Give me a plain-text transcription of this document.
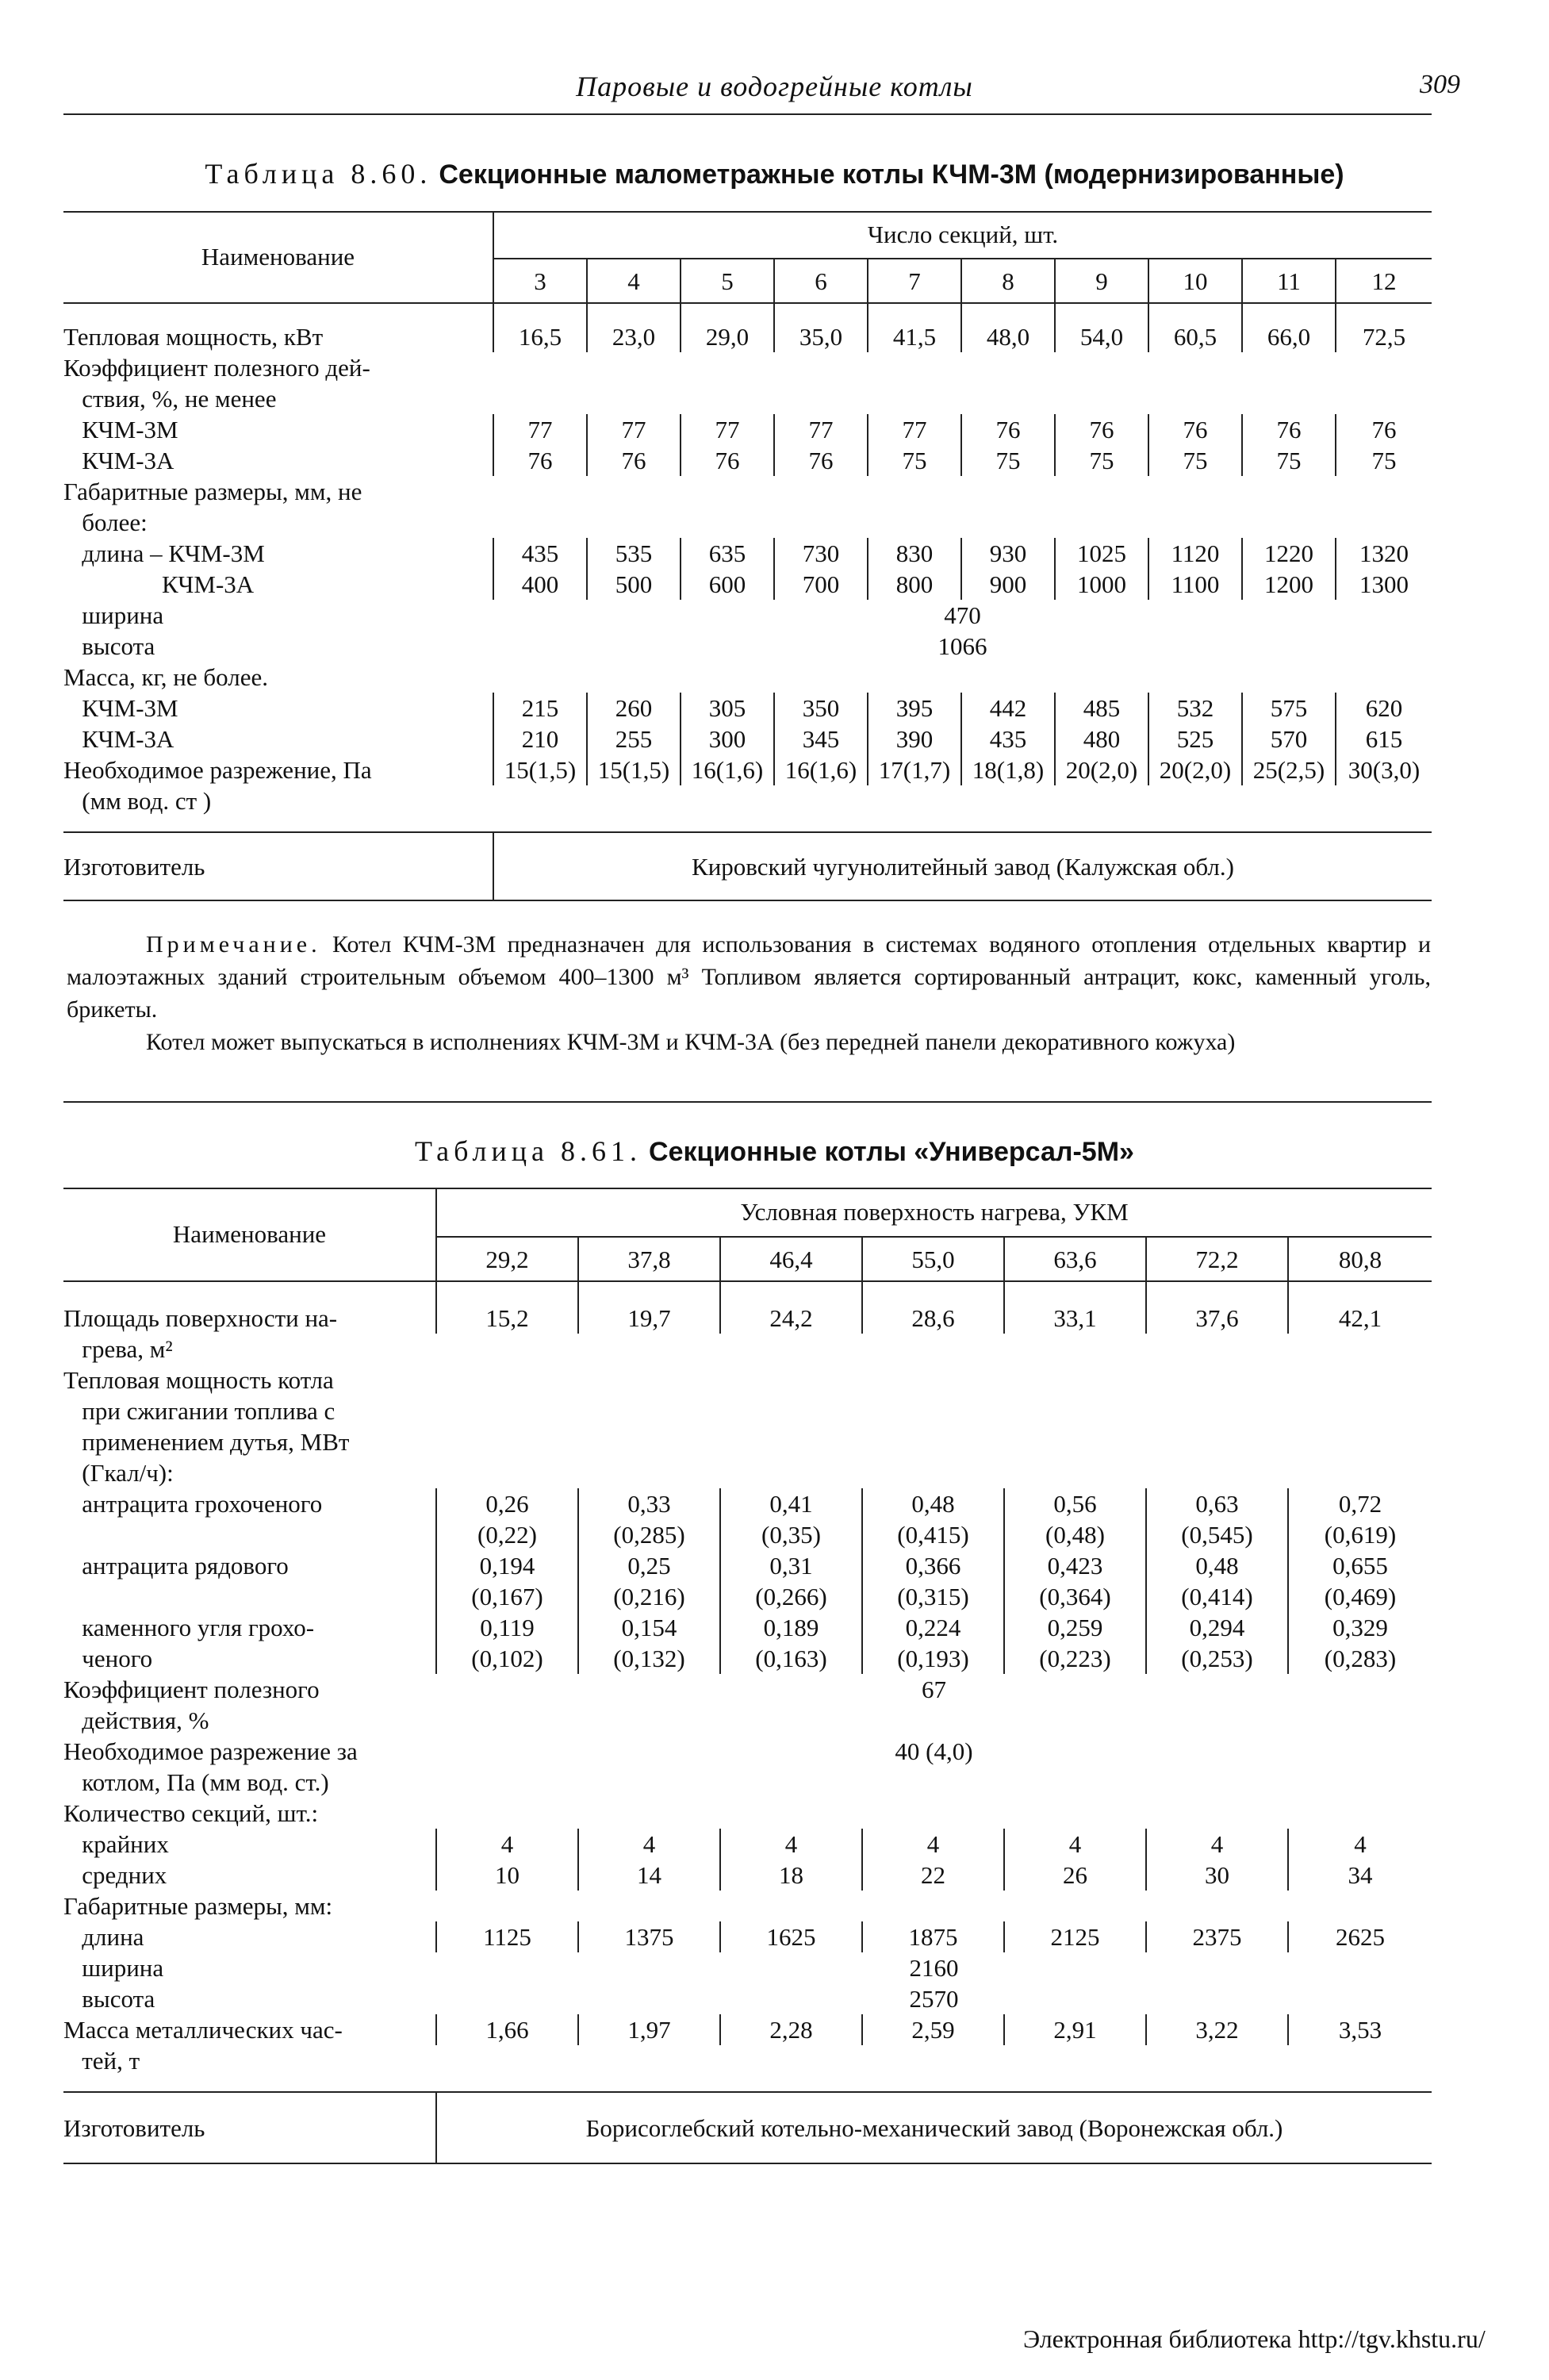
Паровые и водогрейные котлы	309
Таблица 8.60. Секционные малометражные котлы КЧМ-3М (модернизированные)
Наименование	Число секций, шт.									
	3	4	5	6	7	8	9	10	11	12
Тепловая мощность, кВт	16,5	23,0	29,0	35,0	41,5	48,0	54,0	60,5	66,0	72,5
Коэффициент полезного дей-										
ствия, %, не менее										
КЧМ-3М	77	77	77	77	77	76	76	76	76	76
КЧМ-3А	76	76	76	76	75	75	75	75	75	75
Габаритные размеры, мм, не										
более:										
длина – КЧМ-3М	435	535	635	730	830	930	1025	1120	1220	1320
КЧМ-3А	400	500	600	700	800	900	1000	1100	1200	1300
ширина	470									
высота	1066									
Масса, кг, не более.										
КЧМ-3М	215	260	305	350	395	442	485	532	575	620
КЧМ-3А	210	255	300	345	390	435	480	525	570	615
Необходимое разрежение, Па	15(1,5)	15(1,5)	16(1,6)	16(1,6)	17(1,7)	18(1,8)	20(2,0)	20(2,0)	25(2,5)	30(3,0)
(мм вод. ст )										

Изготовитель	Кировский чугунолитейный завод (Калужская обл.)									

Примечание. Котел КЧМ-3М предназначен для использования в системах водяного отопления отдельных квартир и малоэтажных зданий строительным объемом 400–1300 м³ Топливом является сортированный антрацит, кокс, каменный уголь, брикеты.

Котел может выпускаться в исполнениях КЧМ-3М и КЧМ-3А (без передней панели декоративного кожуха)

Таблица 8.61. Секционные котлы «Универсал-5М»
Наименование	Условная поверхность нагрева, УКМ						
	29,2	37,8	46,4	55,0	63,6	72,2	80,8
Площадь поверхности на-	15,2	19,7	24,2	28,6	33,1	37,6	42,1
грева, м²							
Тепловая мощность котла							
при сжигании топлива с							
применением дутья, МВт							
(Гкал/ч):							
антрацита грохоченого	0,26	0,33	0,41	0,48	0,56	0,63	0,72
	(0,22)	(0,285)	(0,35)	(0,415)	(0,48)	(0,545)	(0,619)
антрацита рядового	0,194	0,25	0,31	0,366	0,423	0,48	0,655
	(0,167)	(0,216)	(0,266)	(0,315)	(0,364)	(0,414)	(0,469)
каменного угля грохо-	0,119	0,154	0,189	0,224	0,259	0,294	0,329
ченого	(0,102)	(0,132)	(0,163)	(0,193)	(0,223)	(0,253)	(0,283)
Коэффициент полезного	67						
действия, %							
Необходимое разрежение за	40 (4,0)						
котлом, Па (мм вод. ст.)							
Количество секций, шт.:							
крайних	4	4	4	4	4	4	4
средних	10	14	18	22	26	30	34
Габаритные размеры, мм:							
длина	1125	1375	1625	1875	2125	2375	2625
ширина	2160						
высота	2570						
Масса металлических час-	1,66	1,97	2,28	2,59	2,91	3,22	3,53
тей, т							

Изготовитель	Борисоглебский котельно-механический завод (Воронежская обл.)						
Электронная библиотека http://tgv.khstu.ru/
